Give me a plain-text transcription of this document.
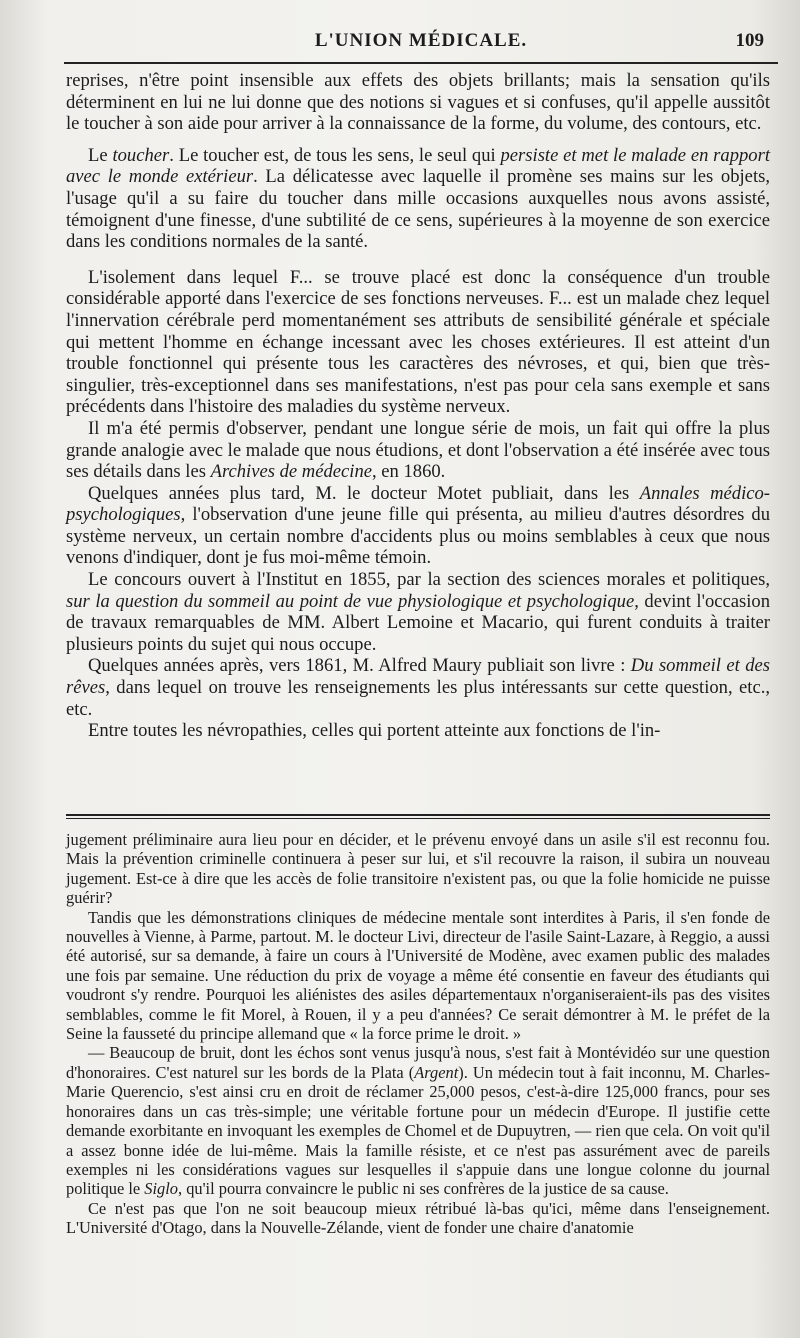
L'UNION MÉDICALE.	109

reprises, n'être point insensible aux effets des objets brillants; mais la sensation qu'ils déterminent en lui ne lui donne que des notions si vagues et si confuses, qu'il appelle aussitôt le toucher à son aide pour arriver à la connaissance de la forme, du volume, des contours, etc.

Le toucher. Le toucher est, de tous les sens, le seul qui persiste et met le malade en rapport avec le monde extérieur. La délicatesse avec laquelle il promène ses mains sur les objets, l'usage qu'il a su faire du toucher dans mille occasions auxquelles nous avons assisté, témoignent d'une finesse, d'une subtilité de ce sens, supérieures à la moyenne de son exercice dans les conditions normales de la santé.

L'isolement dans lequel F... se trouve placé est donc la conséquence d'un trouble considérable apporté dans l'exercice de ses fonctions nerveuses. F... est un malade chez lequel l'innervation cérébrale perd momentanément ses attributs de sensibilité générale et spéciale qui mettent l'homme en échange incessant avec les choses extérieures. Il est atteint d'un trouble fonctionnel qui présente tous les caractères des névroses, et qui, bien que très-singulier, très-exceptionnel dans ses manifestations, n'est pas pour cela sans exemple et sans précédents dans l'histoire des maladies du système nerveux.

Il m'a été permis d'observer, pendant une longue série de mois, un fait qui offre la plus grande analogie avec le malade que nous étudions, et dont l'observation a été insérée avec tous ses détails dans les Archives de médecine, en 1860.

Quelques années plus tard, M. le docteur Motet publiait, dans les Annales médico-psychologiques, l'observation d'une jeune fille qui présenta, au milieu d'autres désordres du système nerveux, un certain nombre d'accidents plus ou moins semblables à ceux que nous venons d'indiquer, dont je fus moi-même témoin.

Le concours ouvert à l'Institut en 1855, par la section des sciences morales et politiques, sur la question du sommeil au point de vue physiologique et psychologique, devint l'occasion de travaux remarquables de MM. Albert Lemoine et Macario, qui furent conduits à traiter plusieurs points du sujet qui nous occupe.

Quelques années après, vers 1861, M. Alfred Maury publiait son livre : Du sommeil et des rêves, dans lequel on trouve les renseignements les plus intéressants sur cette question, etc., etc.

Entre toutes les névropathies, celles qui portent atteinte aux fonctions de l'in-

jugement préliminaire aura lieu pour en décider, et le prévenu envoyé dans un asile s'il est reconnu fou. Mais la prévention criminelle continuera à peser sur lui, et s'il recouvre la raison, il subira un nouveau jugement. Est-ce à dire que les accès de folie transitoire n'existent pas, ou que la folie homicide ne puisse guérir?

Tandis que les démonstrations cliniques de médecine mentale sont interdites à Paris, il s'en fonde de nouvelles à Vienne, à Parme, partout. M. le docteur Livi, directeur de l'asile Saint-Lazare, à Reggio, a aussi été autorisé, sur sa demande, à faire un cours à l'Université de Modène, avec examen public des malades une fois par semaine. Une réduction du prix de voyage a même été consentie en faveur des étudiants qui voudront s'y rendre. Pourquoi les aliénistes des asiles départementaux n'organiseraient-ils pas des visites semblables, comme le fit Morel, à Rouen, il y a peu d'années? Ce serait démontrer à M. le préfet de la Seine la fausseté du principe allemand que « la force prime le droit. »

— Beaucoup de bruit, dont les échos sont venus jusqu'à nous, s'est fait à Montévidéo sur une question d'honoraires. C'est naturel sur les bords de la Plata (Argent). Un médecin tout à fait inconnu, M. Charles-Marie Querencio, s'est ainsi cru en droit de réclamer 25,000 pesos, c'est-à-dire 125,000 francs, pour ses honoraires dans un cas très-simple; une véritable fortune pour un médecin d'Europe. Il justifie cette demande exorbitante en invoquant les exemples de Chomel et de Dupuytren, — rien que cela. On voit qu'il a assez bonne idée de lui-même. Mais la famille résiste, et ce n'est pas assurément avec de pareils exemples ni les considérations vagues sur lesquelles il s'appuie dans une longue colonne du journal politique le Siglo, qu'il pourra convaincre le public ni ses confrères de la justice de sa cause.

Ce n'est pas que l'on ne soit beaucoup mieux rétribué là-bas qu'ici, même dans l'enseignement. L'Université d'Otago, dans la Nouvelle-Zélande, vient de fonder une chaire d'anatomie
